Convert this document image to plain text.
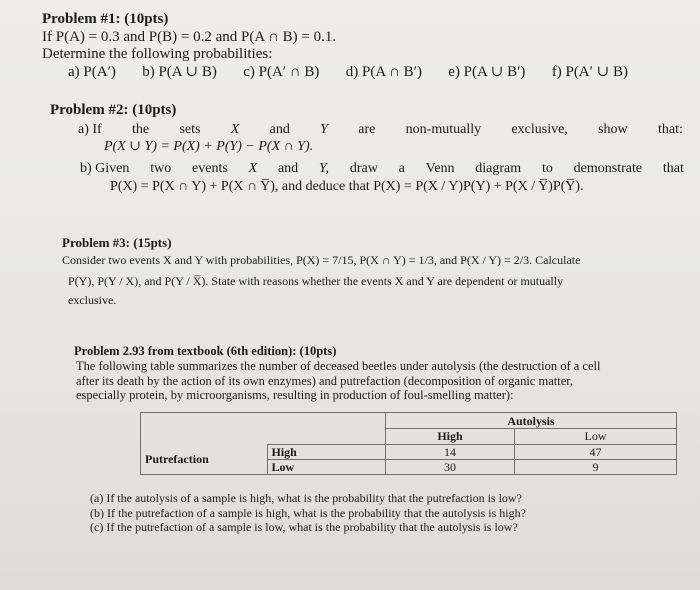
Problem #1: (10pts)
If P(A) = 0.3 and P(B) = 0.2 and P(A ∩ B) = 0.1.
Determine the following probabilities:
a) P(A′) b) P(A ∪ B) c) P(A′ ∩ B) d) P(A ∩ B′) e) P(A ∪ B′) f) P(A′ ∪ B)
Problem #2: (10pts)
a) If the sets X and Y are non-mutually exclusive, show that:
P(X ∪ Y) = P(X) + P(Y) − P(X ∩ Y).
b) Given two events X and Y, draw a Venn diagram to demonstrate that
P(X) = P(X ∩ Y) + P(X ∩ Y̅), and deduce that P(X) = P(X / Y)P(Y) + P(X / Y̅)P(Y̅).
Problem #3: (15pts)
Consider two events X and Y with probabilities, P(X) = 7/15, P(X ∩ Y) = 1/3, and P(X / Y) = 2/3. Calculate
P(Y), P(Y / X), and P(Y / X̅). State with reasons whether the events X and Y are dependent or mutually
exclusive.
Problem 2.93 from textbook (6th edition): (10pts)
The following table summarizes the number of deceased beetles under autolysis (the destruction of a cell
after its death by the action of its own enzymes) and putrefaction (decomposition of organic matter,
especially protein, by microorganisms, resulting in production of foul-smelling matter):
		Autolysis	
		High	Low
Putrefaction	High	14	47
	Low	30	9
(a) If the autolysis of a sample is high, what is the probability that the putrefaction is low?
(b) If the putrefaction of a sample is high, what is the probability that the autolysis is high?
(c) If the putrefaction of a sample is low, what is the probability that the autolysis is low?
